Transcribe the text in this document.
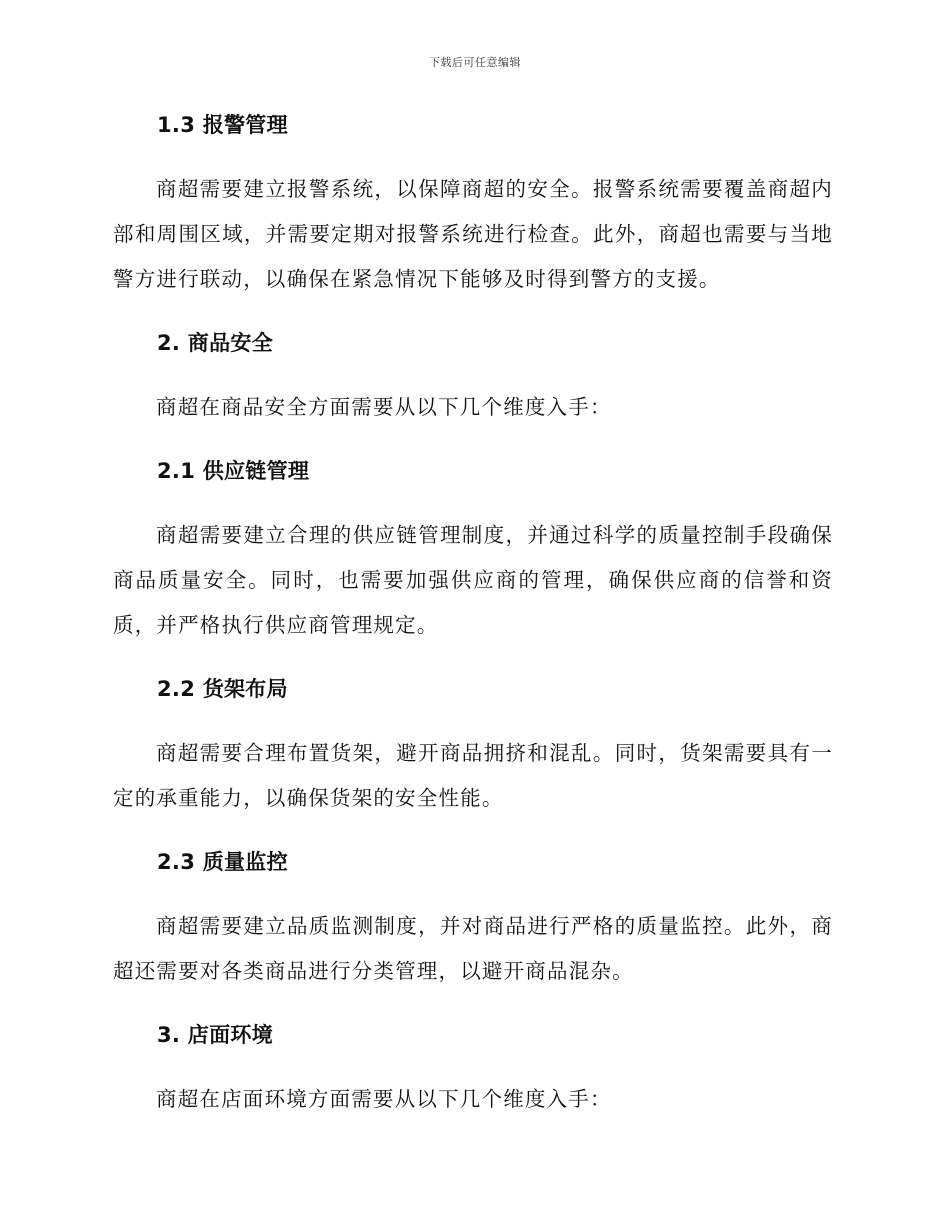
下载后可任意编辑
1.3 报警管理

商超需要建立报警系统，以保障商超的安全。报警系统需要覆盖商超内部和周围区域，并需要定期对报警系统进行检查。此外，商超也需要与当地警方进行联动，以确保在紧急情况下能够及时得到警方的支援。

2. 商品安全

商超在商品安全方面需要从以下几个维度入手：

2.1 供应链管理

商超需要建立合理的供应链管理制度，并通过科学的质量控制手段确保商品质量安全。同时，也需要加强供应商的管理，确保供应商的信誉和资质，并严格执行供应商管理规定。

2.2 货架布局

商超需要合理布置货架，避开商品拥挤和混乱。同时，货架需要具有一定的承重能力，以确保货架的安全性能。

2.3 质量监控

商超需要建立品质监测制度，并对商品进行严格的质量监控。此外，商超还需要对各类商品进行分类管理，以避开商品混杂。

3. 店面环境

商超在店面环境方面需要从以下几个维度入手：
